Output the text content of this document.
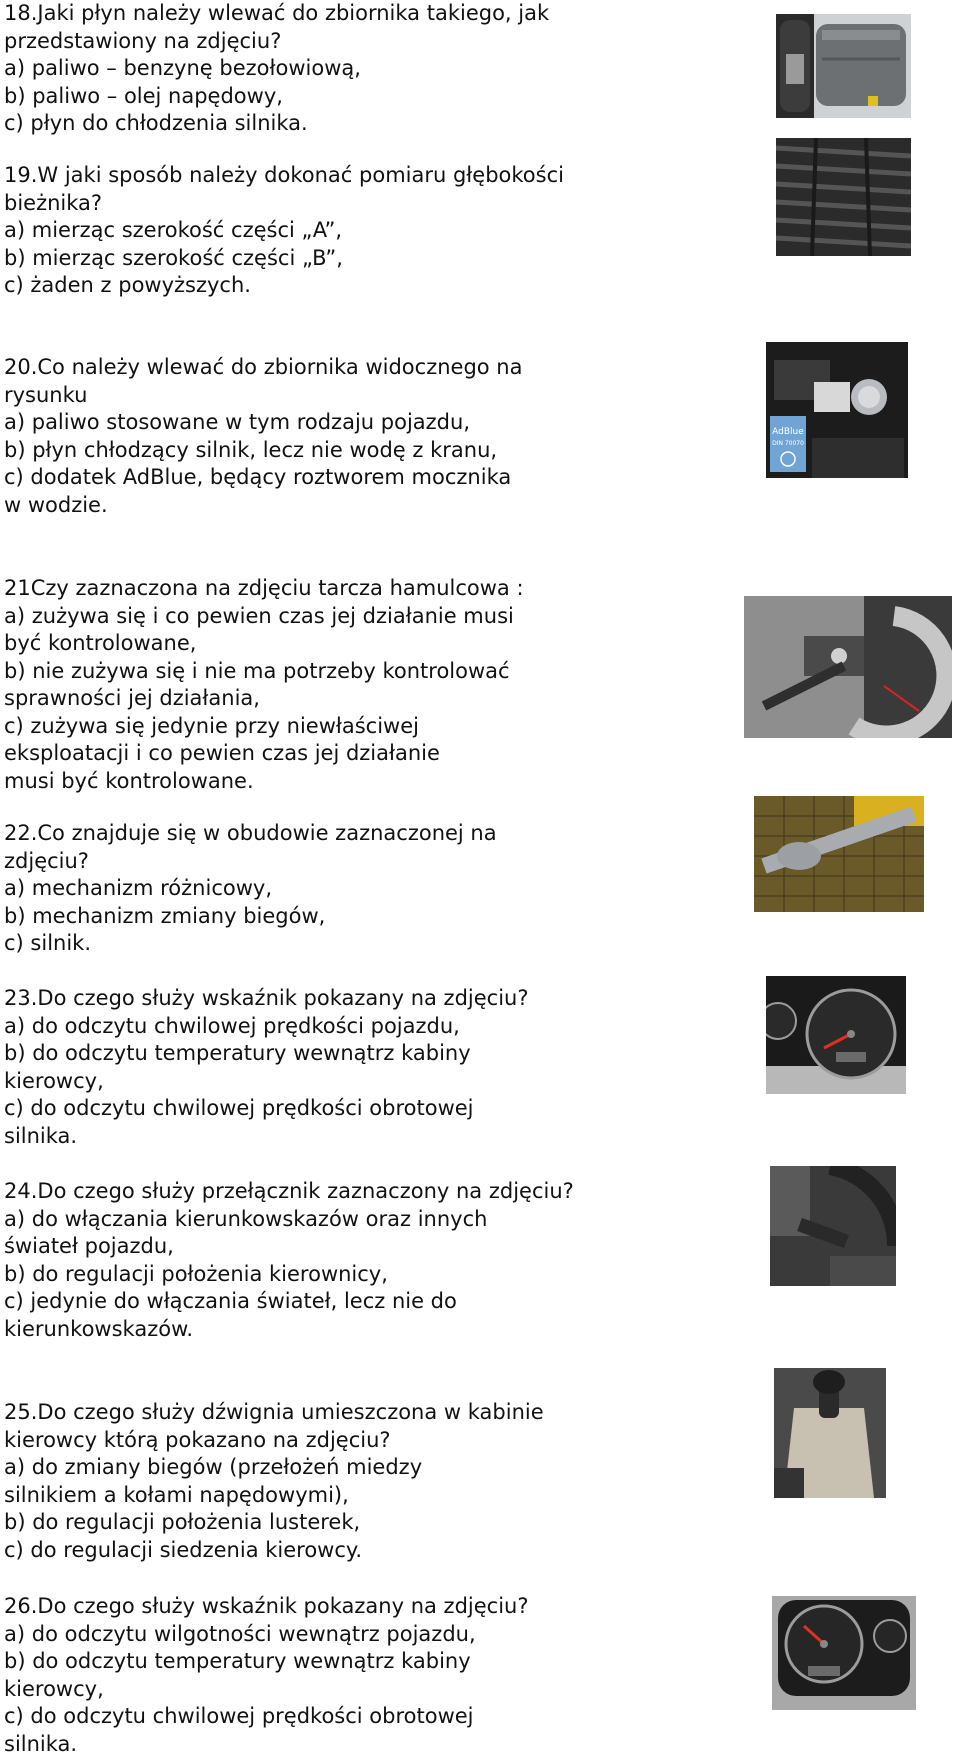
18.Jaki płyn należy wlewać do zbiornika takiego, jak

przedstawiony na zdjęciu?

a) paliwo – benzynę bezołowiową,

b) paliwo – olej napędowy,

c) płyn do chłodzenia silnika.

19.W jaki sposób należy dokonać pomiaru głębokości

bieżnika?

a) mierząc szerokość części „A”,

b) mierząc szerokość części „B”,

c) żaden z powyższych.

20.Co należy wlewać do zbiornika widocznego na

rysunku

a) paliwo stosowane w tym rodzaju pojazdu,

b) płyn chłodzący silnik, lecz nie wodę z kranu,

c) dodatek AdBlue, będący roztworem mocznika

w wodzie.

21Czy zaznaczona na zdjęciu tarcza hamulcowa :

a) zużywa się i co pewien czas jej działanie musi

być kontrolowane,

b) nie zużywa się i nie ma potrzeby kontrolować

sprawności jej działania,

c) zużywa się jedynie przy niewłaściwej

eksploatacji i co pewien czas jej działanie

musi być kontrolowane.

22.Co znajduje się w obudowie zaznaczonej na

zdjęciu?

a) mechanizm różnicowy,

b) mechanizm zmiany biegów,

c) silnik.

23.Do czego służy wskaźnik pokazany na zdjęciu?

a) do odczytu chwilowej prędkości pojazdu,

b) do odczytu temperatury wewnątrz kabiny

kierowcy,

c) do odczytu chwilowej prędkości obrotowej

silnika.

24.Do czego służy przełącznik zaznaczony na zdjęciu?

a) do włączania kierunkowskazów oraz innych

świateł pojazdu,

b) do regulacji położenia kierownicy,

c) jedynie do włączania świateł, lecz nie do

kierunkowskazów.

25.Do czego służy dźwignia umieszczona w kabinie

kierowcy którą pokazano na zdjęciu?

a) do zmiany biegów (przełożeń miedzy

silnikiem a kołami napędowymi),

b) do regulacji położenia lusterek,

c) do regulacji siedzenia kierowcy.

26.Do czego służy wskaźnik pokazany na zdjęciu?

a) do odczytu wilgotności wewnątrz pojazdu,

b) do odczytu temperatury wewnątrz kabiny

kierowcy,

c) do odczytu chwilowej prędkości obrotowej

silnika.

AdBlue
DIN 70070
